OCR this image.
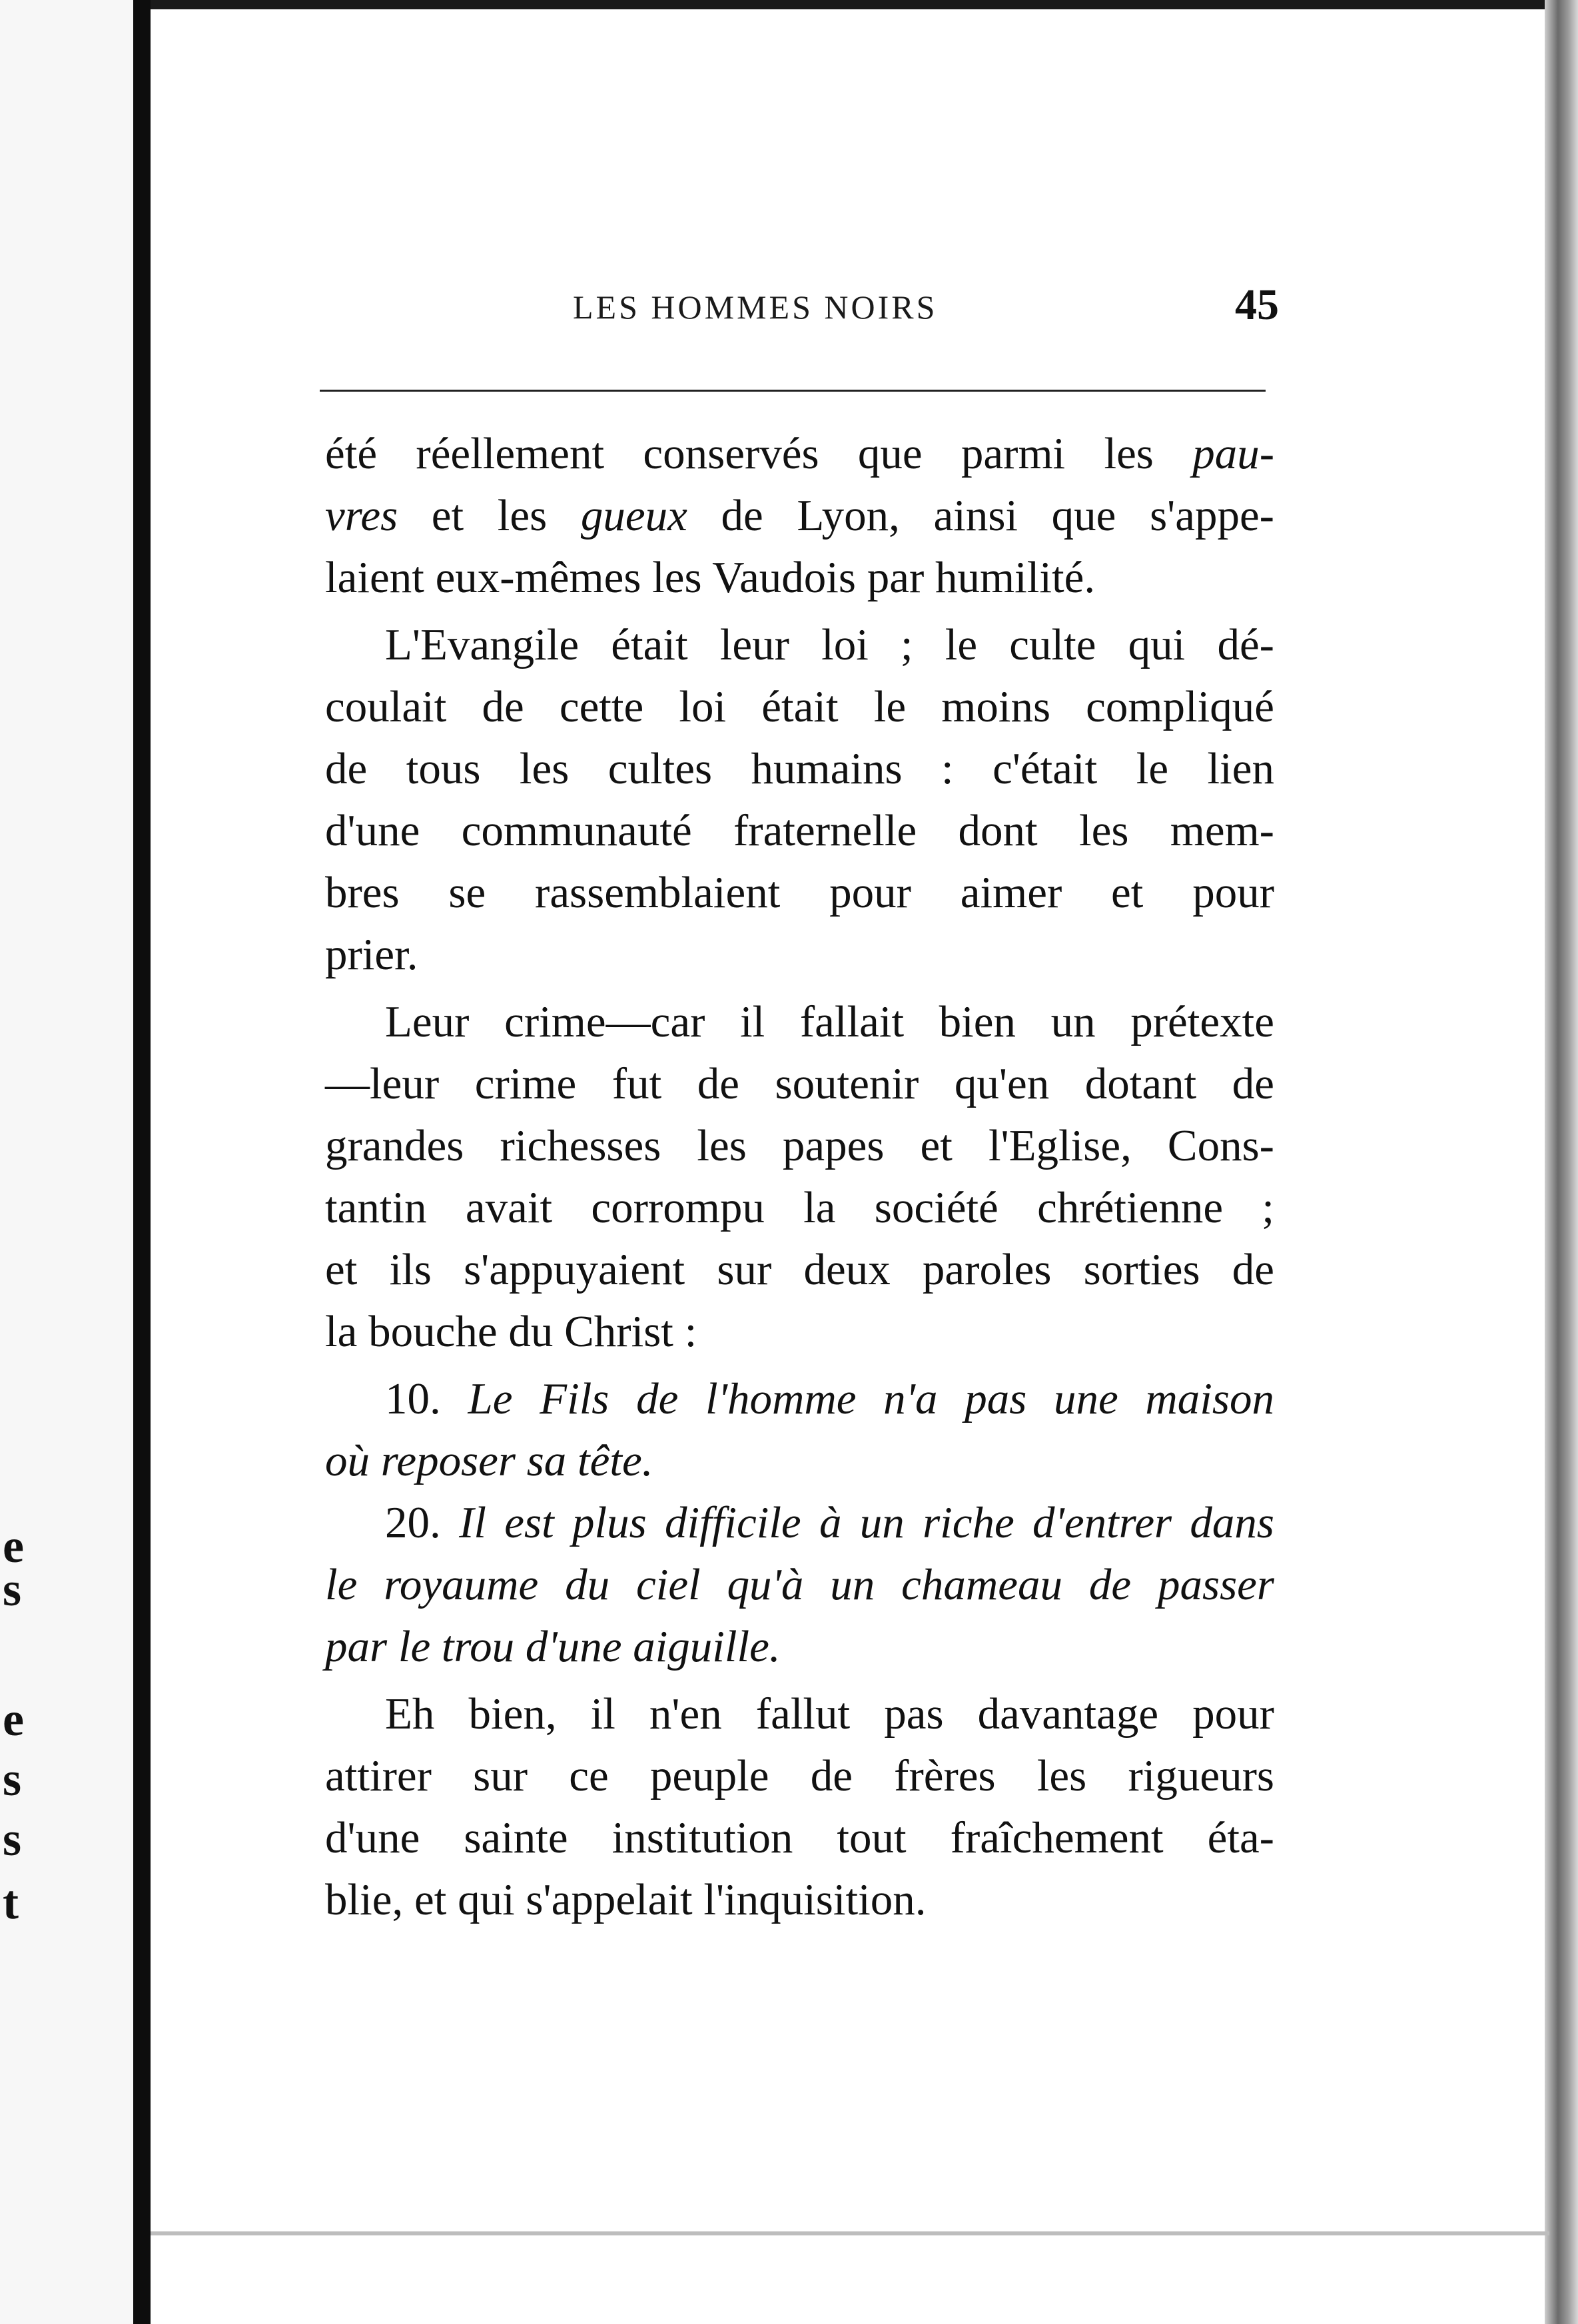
e
s
e
s
s
t
LES HOMMES NOIRS	45
été réellement conservés que parmi les pau-
vres et les gueux de Lyon, ainsi que s'appe-
laient eux-mêmes les Vaudois par humilité.
L'Evangile était leur loi ; le culte qui dé-
coulait de cette loi était le moins compliqué
de tous les cultes humains : c'était le lien
d'une communauté fraternelle dont les mem-
bres se rassemblaient pour aimer et pour
prier.
Leur crime—car il fallait bien un prétexte
—leur crime fut de soutenir qu'en dotant de
grandes richesses les papes et l'Eglise, Cons-
tantin avait corrompu la société chrétienne ;
et ils s'appuyaient sur deux paroles sorties de
la bouche du Christ :
10. Le Fils de l'homme n'a pas une maison
où reposer sa tête.
20. Il est plus difficile à un riche d'entrer dans
le royaume du ciel qu'à un chameau de passer
par le trou d'une aiguille.
Eh bien, il n'en fallut pas davantage pour
attirer sur ce peuple de frères les rigueurs
d'une sainte institution tout fraîchement éta-
blie, et qui s'appelait l'inquisition.
